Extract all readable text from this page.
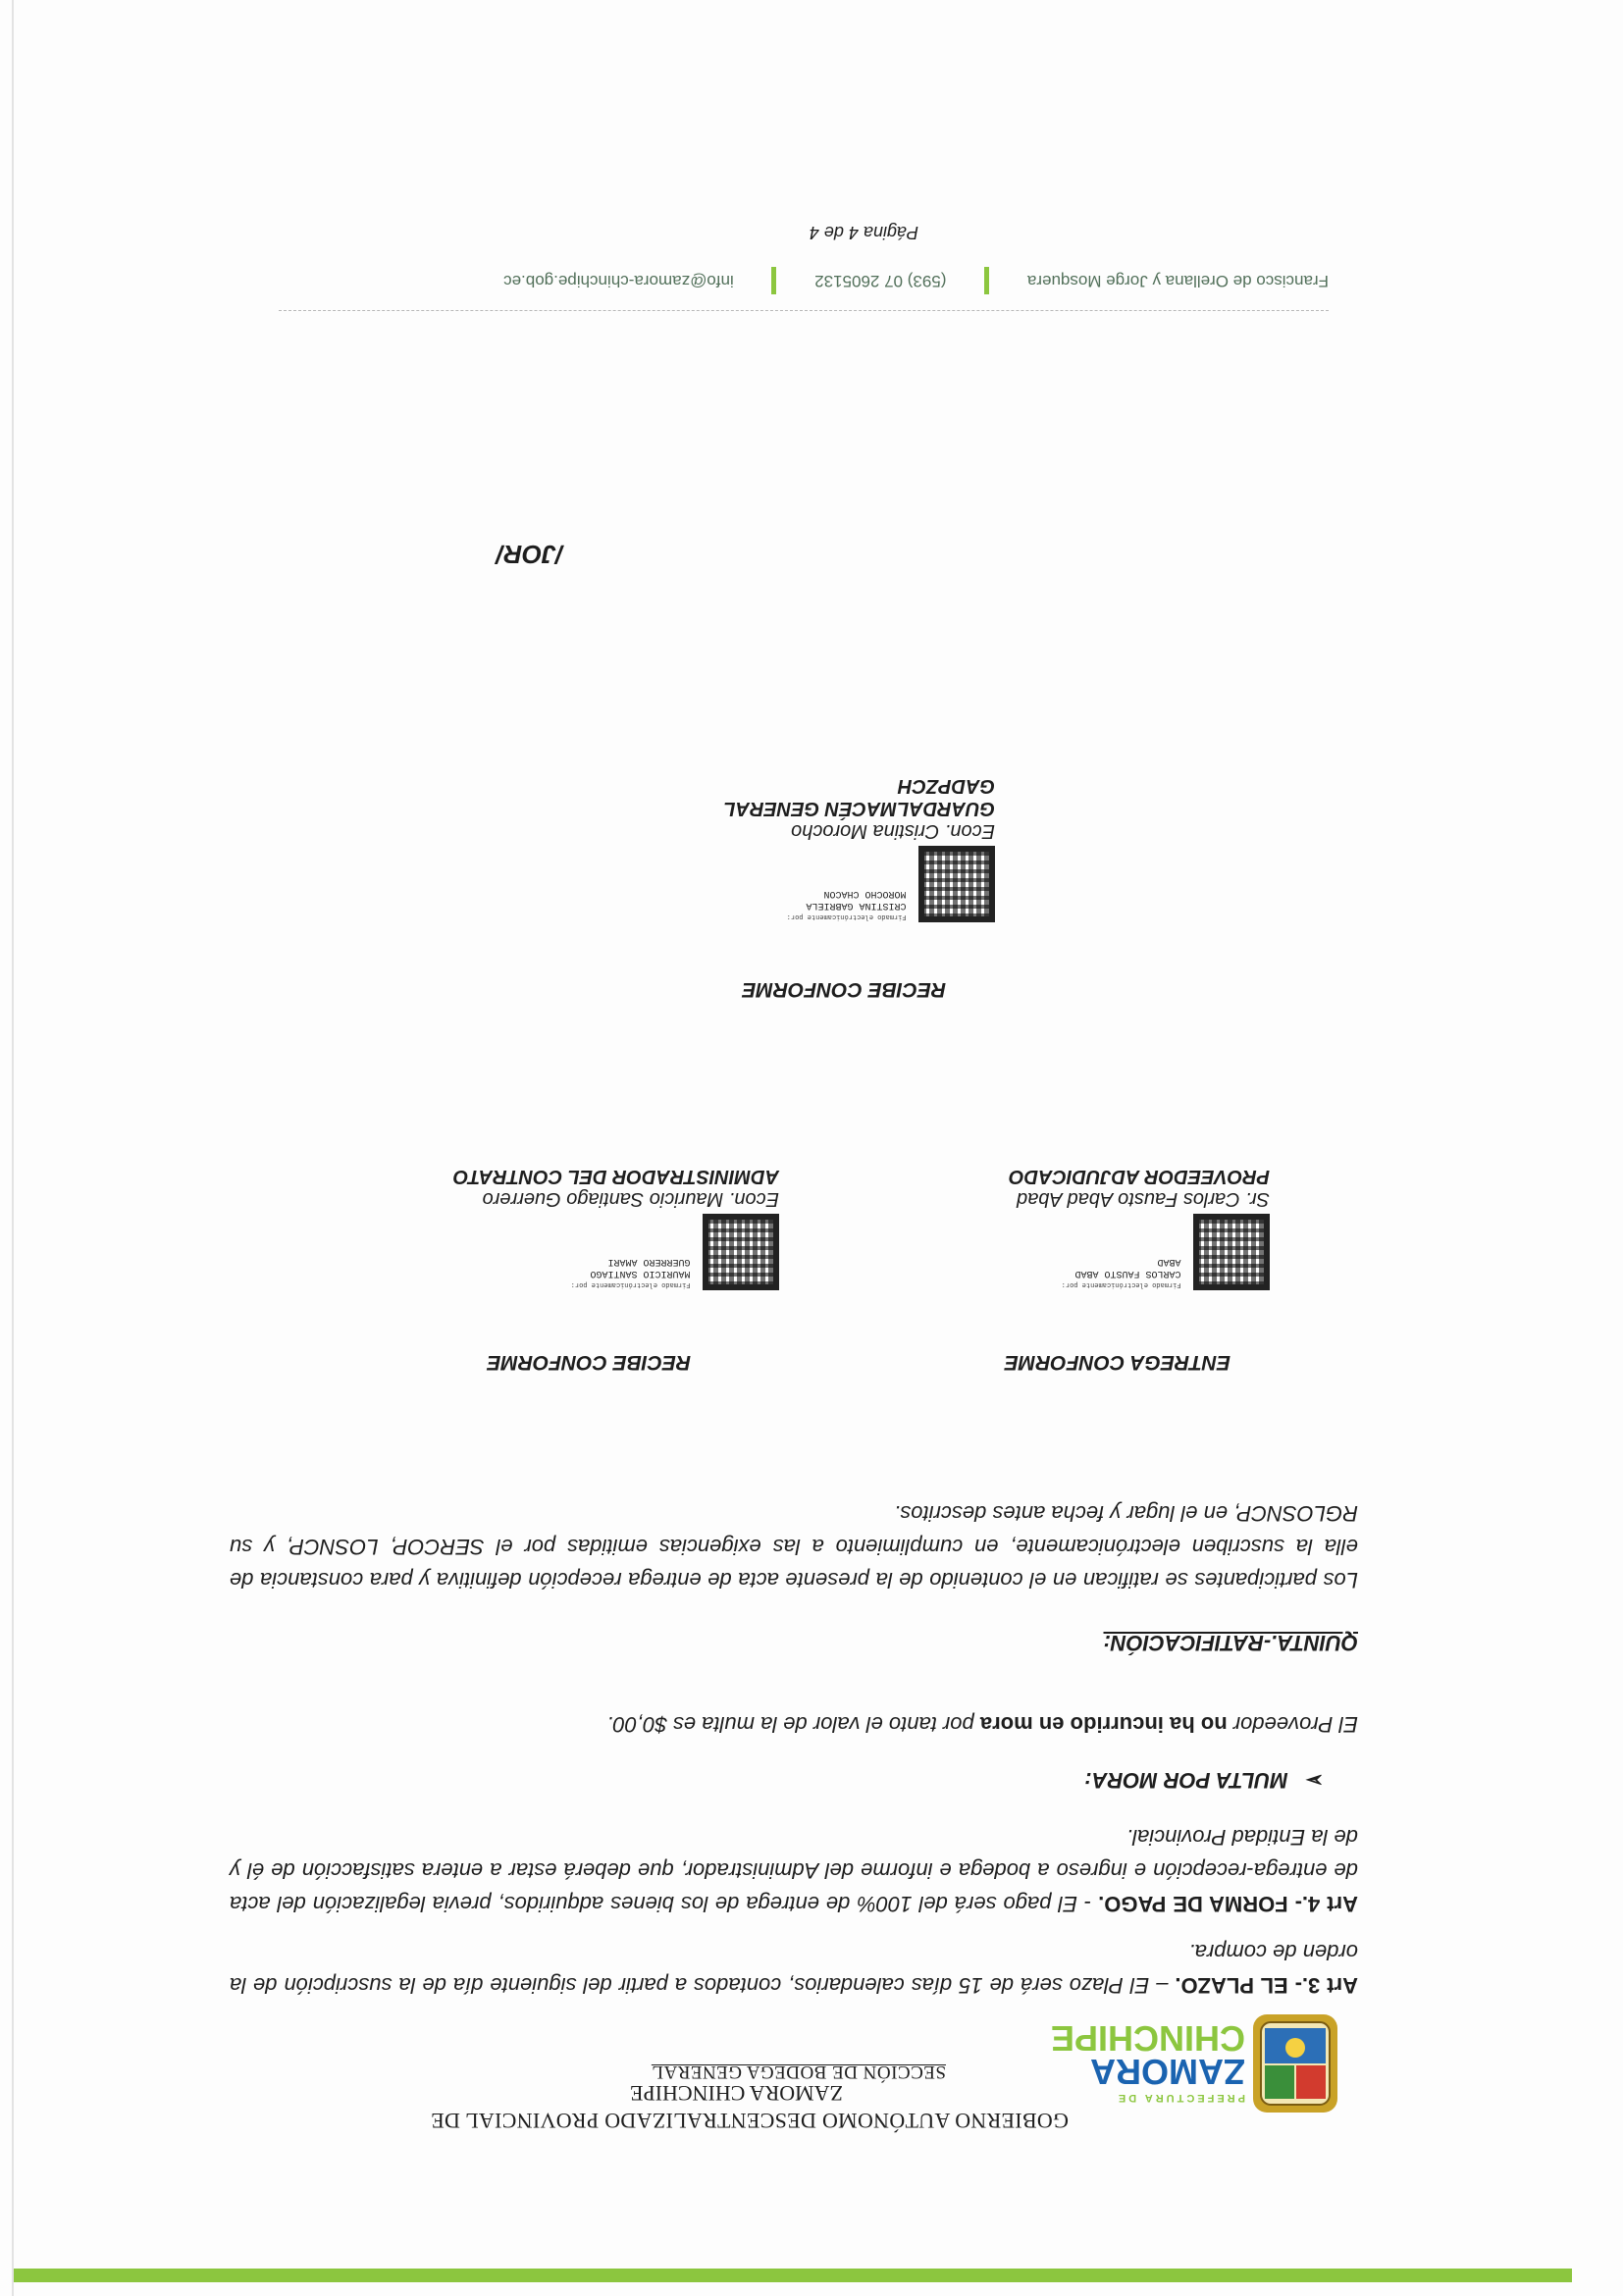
PREFECTURA DE
ZAMORA
CHINCHIPE
GOBIERNO AUTÓNOMO DESCENTRALIZADO PROVINCIAL DE
ZAMORA CHINCHIPE
SECCIÓN DE BODEGA GENERAL
Art 3.- EL PLAZO. – El Plazo será de 15 días calendarios, contados a partir del siguiente día de la suscripción de la orden de compra.
Art 4.- FORMA DE PAGO. - El pago será del 100% de entrega de los bienes adquiridos, previa legalización del acta de entrega-recepción e ingreso a bodega e informe del Administrador, que deberá estar a entera satisfacción de él y de la Entidad Provincial.
➢MULTA POR MORA:
El Proveedor no ha incurrido en mora por tanto el valor de la multa es $0,00.
QUINTA.-RATIFICACIÓN:
Los participantes se ratifican en el contenido de la presente acta de entrega recepción definitiva y para constancia de ella la suscriben electrónicamente, en cumplimiento a las exigencias emitidas por el SERCOP, LOSNCP, y su RGLOSNCP, en el lugar y fecha antes descritos.
ENTREGA CONFORME
RECIBE CONFORME
Firmado electrónicamente por:
CARLOS FAUSTO ABAD
ABAD
Sr. Carlos Fausto Abad Abad
PROVEEDOR ADJUDICADO
Firmado electrónicamente por:
MAURICIO SANTIAGO
GUERRERO AMARI
Econ. Mauricio Santiago Guerrero
ADMINISTRADOR DEL CONTRATO
RECIBE CONFORME
Firmado electrónicamente por:
CRISTINA GABRIELA
MOROCHO CHACON
Econ. Cristina Morocho
GUARDALMACÉN GENERAL GADPZCH
/JOR/
Francisco de Orellana y Jorge Mosquera  (593) 07 2605132  info@zamora-chinchipe.gob.ec
Página 4 de 4
